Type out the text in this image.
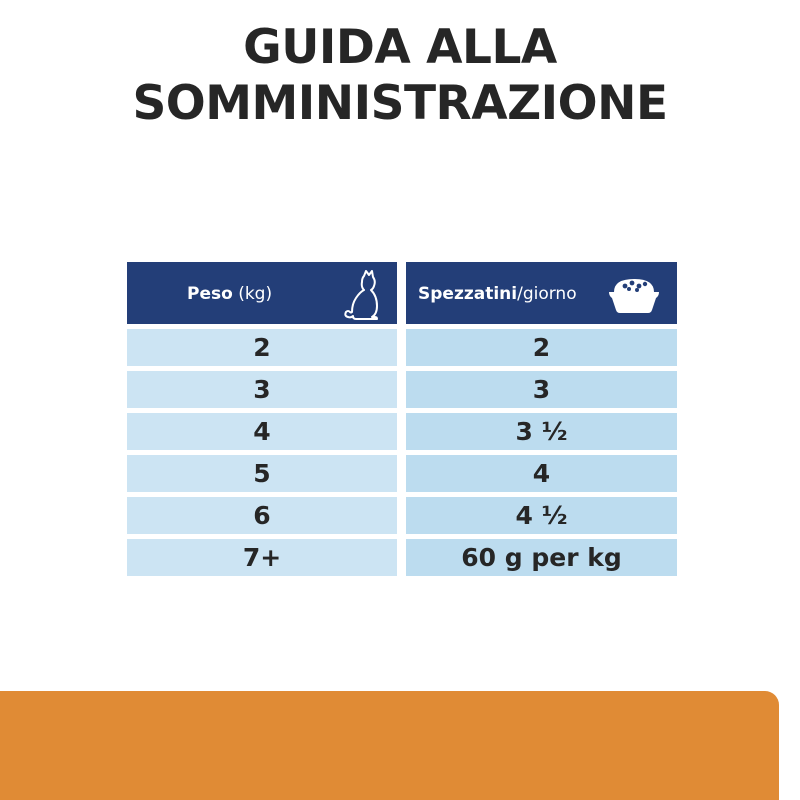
GUIDA ALLA
SOMMINISTRAZIONE
Peso (kg)
2
3
4
5
6
7+
Spezzatini/giorno
2
3
3 ½
4
4 ½
60 g per kg
